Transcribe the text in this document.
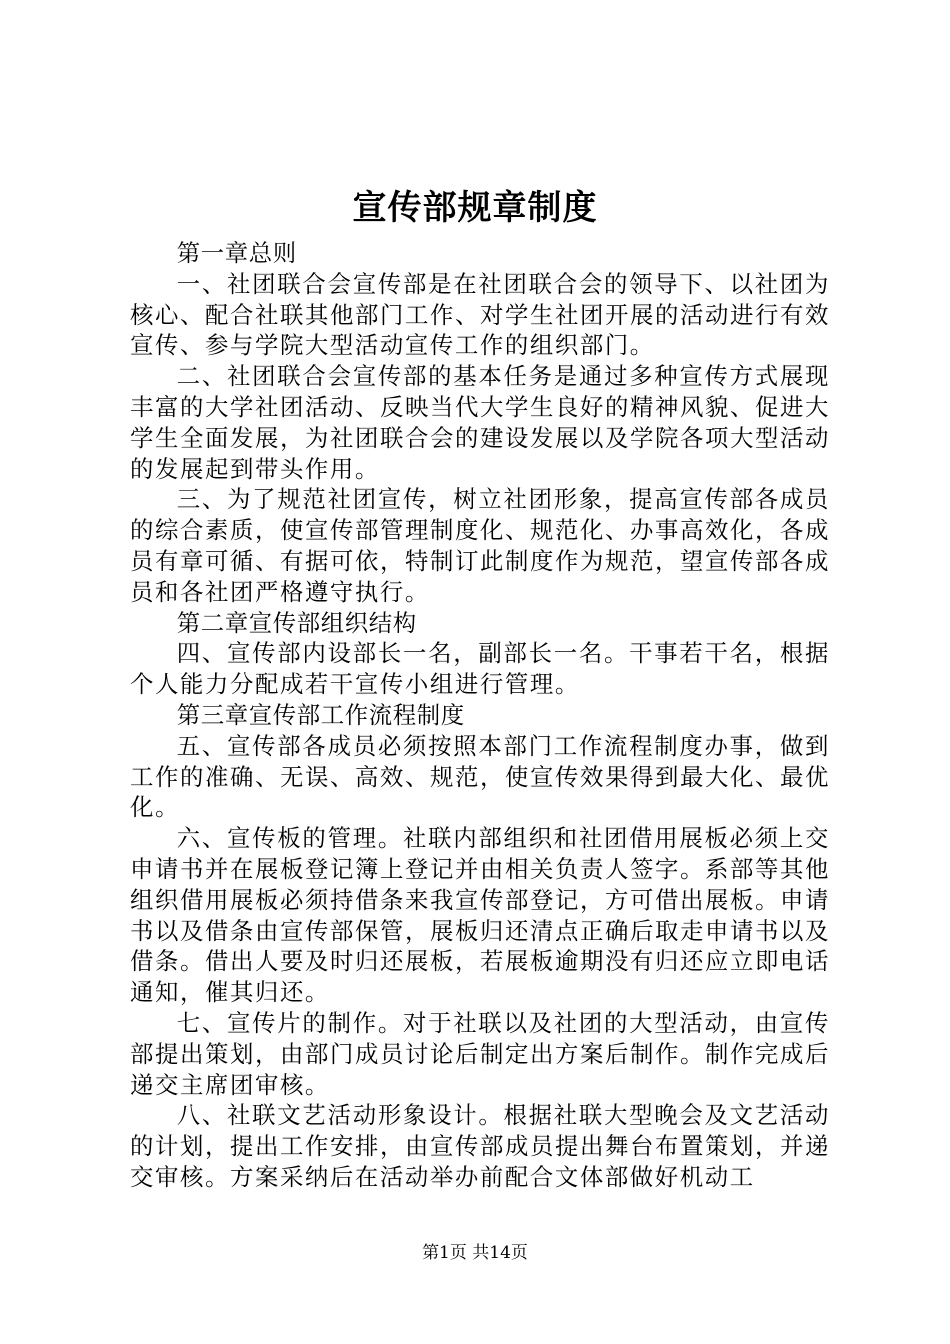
宣传部规章制度

第一章总则

一、社团联合会宣传部是在社团联合会的领导下、以社团为核心、配合社联其他部门工作、对学生社团开展的活动进行有效宣传、参与学院大型活动宣传工作的组织部门。

二、社团联合会宣传部的基本任务是通过多种宣传方式展现丰富的大学社团活动、反映当代大学生良好的精神风貌、促进大学生全面发展，为社团联合会的建设发展以及学院各项大型活动的发展起到带头作用。

三、为了规范社团宣传，树立社团形象，提高宣传部各成员的综合素质，使宣传部管理制度化、规范化、办事高效化，各成员有章可循、有据可依，特制订此制度作为规范，望宣传部各成员和各社团严格遵守执行。

第二章宣传部组织结构

四、宣传部内设部长一名，副部长一名。干事若干名，根据个人能力分配成若干宣传小组进行管理。

第三章宣传部工作流程制度

五、宣传部各成员必须按照本部门工作流程制度办事，做到工作的准确、无误、高效、规范，使宣传效果得到最大化、最优化。

六、宣传板的管理。社联内部组织和社团借用展板必须上交申请书并在展板登记簿上登记并由相关负责人签字。系部等其他组织借用展板必须持借条来我宣传部登记，方可借出展板。申请书以及借条由宣传部保管，展板归还清点正确后取走申请书以及借条。借出人要及时归还展板，若展板逾期没有归还应立即电话通知，催其归还。

七、宣传片的制作。对于社联以及社团的大型活动，由宣传部提出策划，由部门成员讨论后制定出方案后制作。制作完成后递交主席团审核。

八、社联文艺活动形象设计。根据社联大型晚会及文艺活动的计划，提出工作安排，由宣传部成员提出舞台布置策划，并递交审核。方案采纳后在活动举办前配合文体部做好机动工

第1页 共14页
